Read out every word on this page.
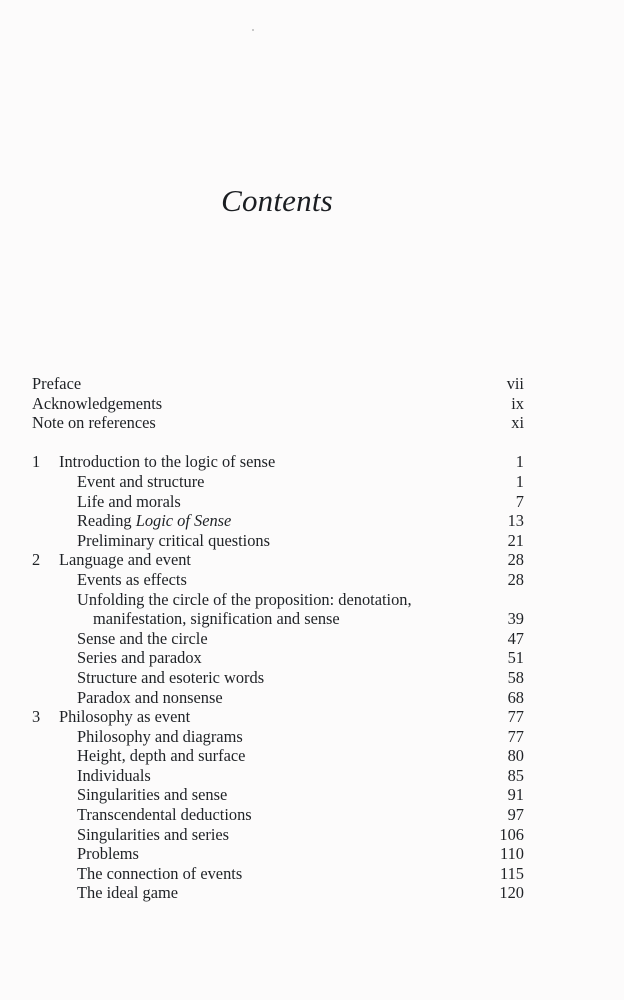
Contents
Preface	vii
Acknowledgements	ix
Note on references	xi
1	Introduction to the logic of sense	1
Event and structure	1
Life and morals	7
Reading Logic of Sense	13
Preliminary critical questions	21
2	Language and event	28
Events as effects	28
Unfolding the circle of the proposition: denotation,
manifestation, signification and sense	39
Sense and the circle	47
Series and paradox	51
Structure and esoteric words	58
Paradox and nonsense	68
3	Philosophy as event	77
Philosophy and diagrams	77
Height, depth and surface	80
Individuals	85
Singularities and sense	91
Transcendental deductions	97
Singularities and series	106
Problems	110
The connection of events	115
The ideal game	120
